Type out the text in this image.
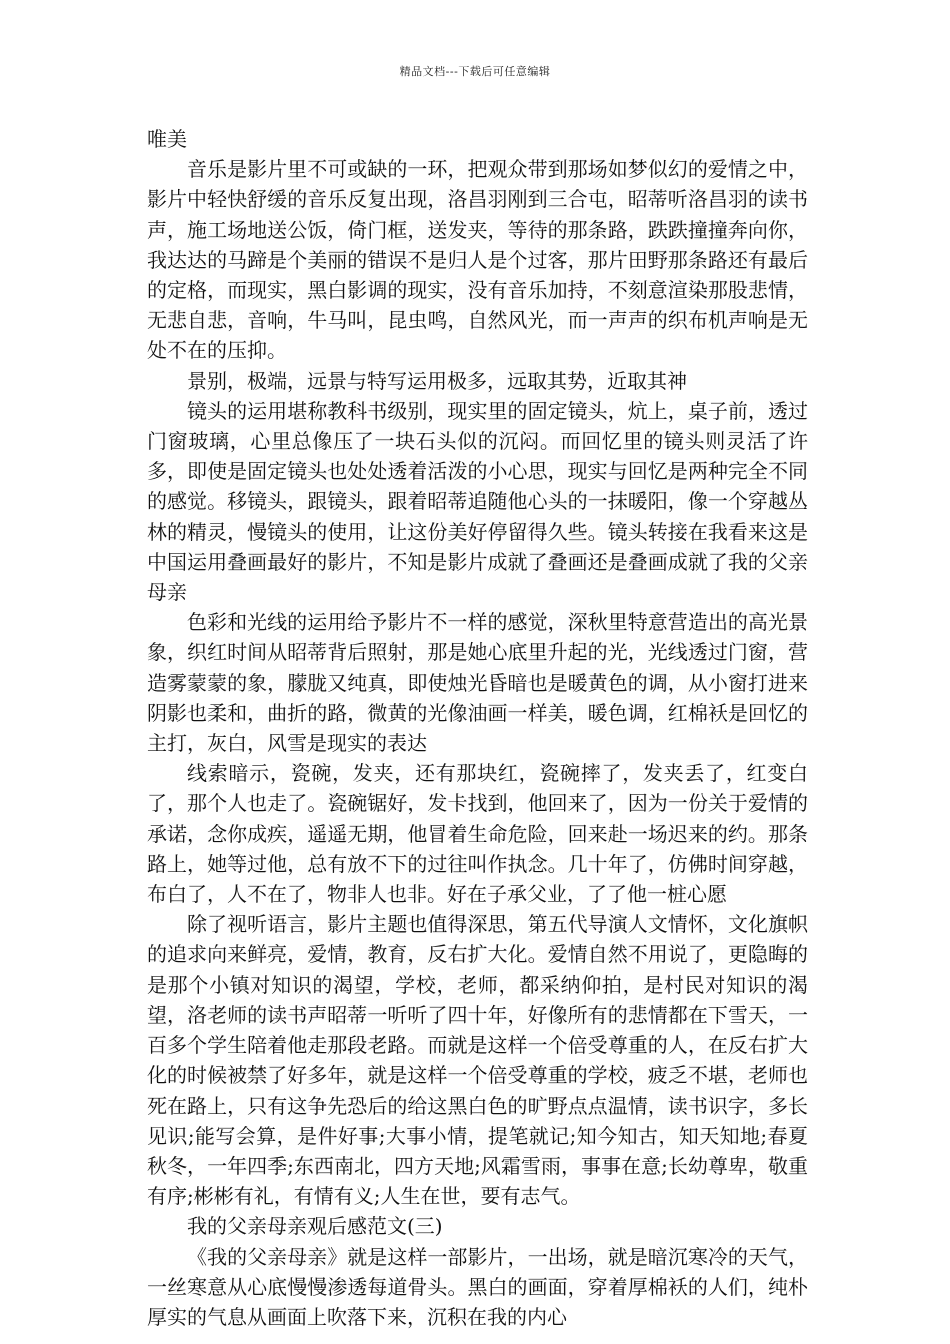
精品文档---下载后可任意编辑

唯美

音乐是影片里不可或缺的一环，把观众带到那场如梦似幻的爱情之中，影片中轻快舒缓的音乐反复出现，洛昌羽刚到三合屯，昭蒂听洛昌羽的读书声，施工场地送公饭，倚门框，送发夹，等待的那条路，跌跌撞撞奔向你，我达达的马蹄是个美丽的错误不是归人是个过客，那片田野那条路还有最后的定格，而现实，黑白影调的现实，没有音乐加持，不刻意渲染那股悲情，无悲自悲，音响，牛马叫，昆虫鸣，自然风光，而一声声的织布机声响是无处不在的压抑。

景别，极端，远景与特写运用极多，远取其势，近取其神

镜头的运用堪称教科书级别，现实里的固定镜头，炕上，桌子前，透过门窗玻璃，心里总像压了一块石头似的沉闷。而回忆里的镜头则灵活了许多，即使是固定镜头也处处透着活泼的小心思，现实与回忆是两种完全不同的感觉。移镜头，跟镜头，跟着昭蒂追随他心头的一抹暖阳，像一个穿越丛林的精灵，慢镜头的使用，让这份美好停留得久些。镜头转接在我看来这是中国运用叠画最好的影片，不知是影片成就了叠画还是叠画成就了我的父亲母亲

色彩和光线的运用给予影片不一样的感觉，深秋里特意营造出的高光景象，织红时间从昭蒂背后照射，那是她心底里升起的光，光线透过门窗，营造雾蒙蒙的象，朦胧又纯真，即使烛光昏暗也是暖黄色的调，从小窗打进来阴影也柔和，曲折的路，微黄的光像油画一样美，暖色调，红棉袄是回忆的主打，灰白，风雪是现实的表达

线索暗示，瓷碗，发夹，还有那块红，瓷碗摔了，发夹丢了，红变白了，那个人也走了。瓷碗锯好，发卡找到，他回来了，因为一份关于爱情的承诺，念你成疾，遥遥无期，他冒着生命危险，回来赴一场迟来的约。那条路上，她等过他，总有放不下的过往叫作执念。几十年了，仿佛时间穿越，布白了，人不在了，物非人也非。好在子承父业，了了他一桩心愿

除了视听语言，影片主题也值得深思，第五代导演人文情怀，文化旗帜的追求向来鲜亮，爱情，教育，反右扩大化。爱情自然不用说了，更隐晦的是那个小镇对知识的渴望，学校，老师，都采纳仰拍，是村民对知识的渴望，洛老师的读书声昭蒂一听听了四十年，好像所有的悲情都在下雪天，一百多个学生陪着他走那段老路。而就是这样一个倍受尊重的人，在反右扩大化的时候被禁了好多年，就是这样一个倍受尊重的学校，疲乏不堪，老师也死在路上，只有这争先恐后的给这黑白色的旷野点点温情，读书识字，多长见识;能写会算，是件好事;大事小情，提笔就记;知今知古，知天知地;春夏秋冬，一年四季;东西南北，四方天地;风霜雪雨，事事在意;长幼尊卑，敬重有序;彬彬有礼，有情有义;人生在世，要有志气。

我的父亲母亲观后感范文(三)

《我的父亲母亲》就是这样一部影片，一出场，就是暗沉寒冷的天气，一丝寒意从心底慢慢渗透每道骨头。黑白的画面，穿着厚棉袄的人们，纯朴厚实的气息从画面上吹落下来，沉积在我的内心
